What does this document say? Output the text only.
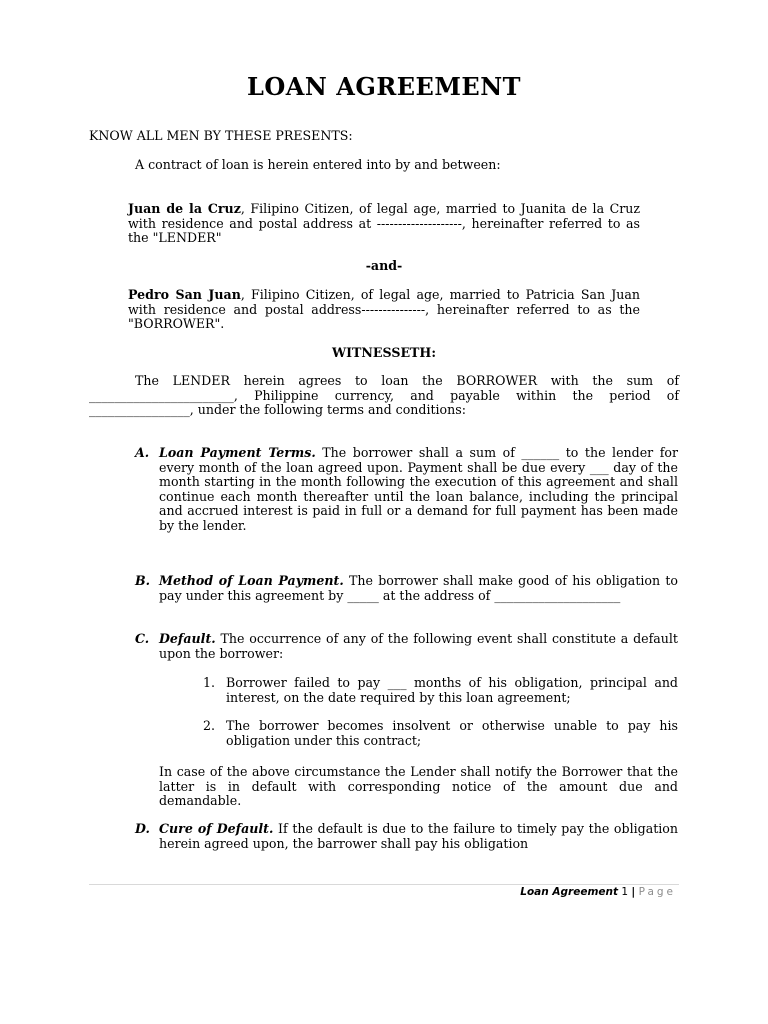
LOAN AGREEMENT
KNOW ALL MEN BY THESE PRESENTS:
A contract of loan is herein entered into by and between:
Juan de la Cruz, Filipino Citizen, of legal age, married to Juanita de la Cruz with residence and postal address at --------------------, hereinafter referred to as the "LENDER"
-and-
Pedro San Juan, Filipino Citizen, of legal age, married to Patricia San Juan with residence and postal address---------------, hereinafter referred to as the "BORROWER".
WITNESSETH:
The LENDER herein agrees to loan the BORROWER with the sum of _______________________, Philippine currency, and payable within the period of ________________, under the following terms and conditions:
A. Loan Payment Terms. The borrower shall a sum of ______ to the lender for every month of the loan agreed upon. Payment shall be due every ___ day of the month starting in the month following the execution of this agreement and shall continue each month thereafter until the loan balance, including the principal and accrued interest is paid in full or a demand for full payment has been made by the lender.
B. Method of Loan Payment. The borrower shall make good of his obligation to pay under this agreement by _____ at the address of ____________________
C. Default. The occurrence of any of the following event shall constitute a default upon the borrower:
1. Borrower failed to pay ___ months of his obligation, principal and interest, on the date required by this loan agreement;
2. The borrower becomes insolvent or otherwise unable to pay his obligation under this contract;
In case of the above circumstance the Lender shall notify the Borrower that the latter is in default with corresponding notice of the amount due and demandable.
D. Cure of Default. If the default is due to the failure to timely pay the obligation herein agreed upon, the barrower shall pay his obligation
Loan Agreement 1 | Page
